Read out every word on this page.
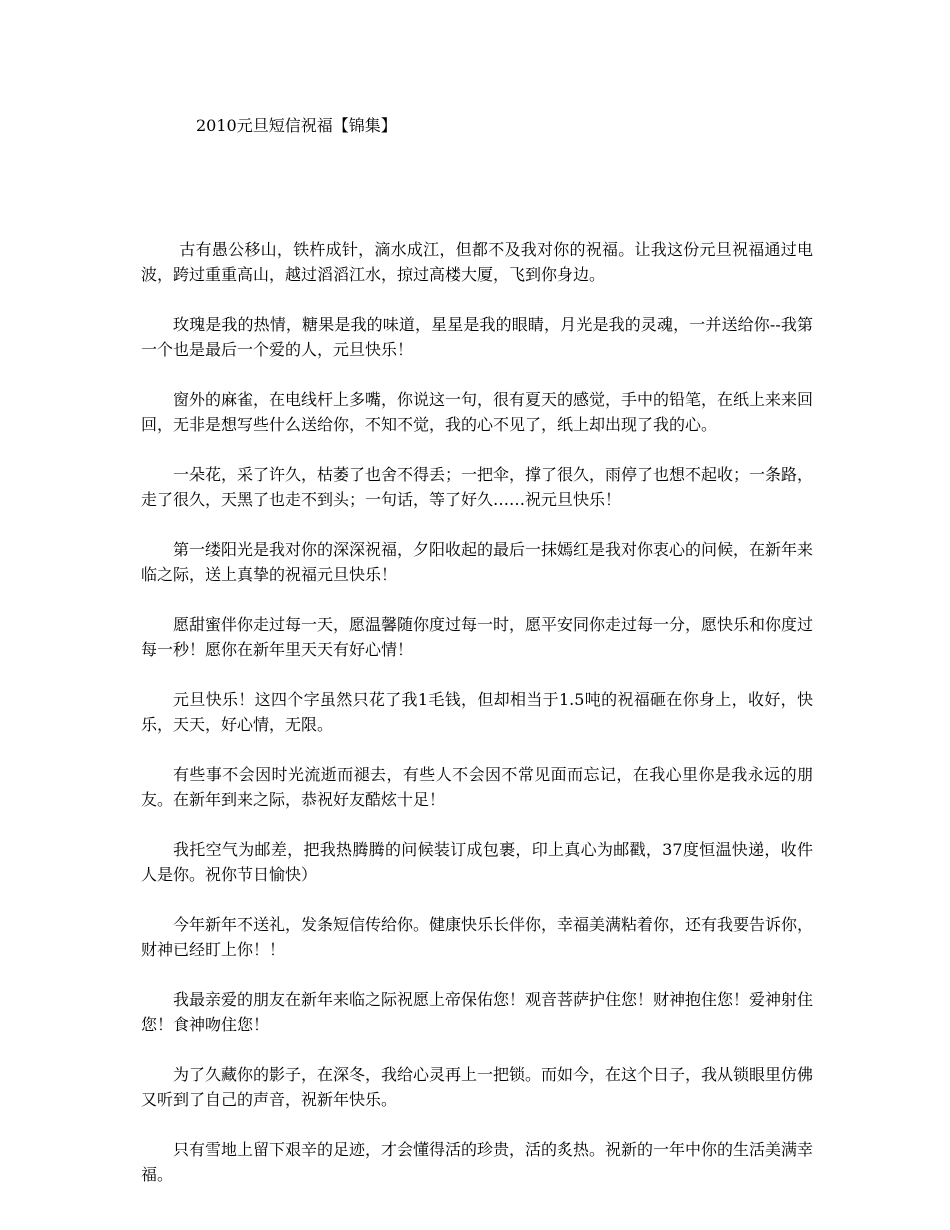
2010元旦短信祝福【锦集】

古有愚公移山，铁杵成针，滴水成江，但都不及我对你的祝福。让我这份元旦祝福通过电波，跨过重重高山，越过滔滔江水，掠过高楼大厦，飞到你身边。

玫瑰是我的热情，糖果是我的味道，星星是我的眼睛，月光是我的灵魂，一并送给你--我第一个也是最后一个爱的人，元旦快乐！

窗外的麻雀，在电线杆上多嘴，你说这一句，很有夏天的感觉，手中的铅笔，在纸上来来回回，无非是想写些什么送给你，不知不觉，我的心不见了，纸上却出现了我的心。

一朵花，采了许久，枯萎了也舍不得丢；一把伞，撑了很久，雨停了也想不起收；一条路，走了很久，天黑了也走不到头；一句话，等了好久……祝元旦快乐！

第一缕阳光是我对你的深深祝福，夕阳收起的最后一抹嫣红是我对你衷心的问候，在新年来临之际，送上真挚的祝福元旦快乐！

愿甜蜜伴你走过每一天，愿温馨随你度过每一时，愿平安同你走过每一分，愿快乐和你度过每一秒！愿你在新年里天天有好心情！

元旦快乐！这四个字虽然只花了我1毛钱，但却相当于1.5吨的祝福砸在你身上，收好，快乐，天天，好心情，无限。

有些事不会因时光流逝而褪去，有些人不会因不常见面而忘记，在我心里你是我永远的朋友。在新年到来之际，恭祝好友酷炫十足！

我托空气为邮差，把我热腾腾的问候装订成包裹，印上真心为邮戳，37度恒温快递，收件人是你。祝你节日愉快）

今年新年不送礼，发条短信传给你。健康快乐长伴你，幸福美满粘着你，还有我要告诉你，财神已经盯上你！！

我最亲爱的朋友在新年来临之际祝愿上帝保佑您！观音菩萨护住您！财神抱住您！爱神射住您！食神吻住您！

为了久藏你的影子，在深冬，我给心灵再上一把锁。而如今，在这个日子，我从锁眼里仿佛又听到了自己的声音，祝新年快乐。

只有雪地上留下艰辛的足迹，才会懂得活的珍贵，活的炙热。祝新的一年中你的生活美满幸福。
